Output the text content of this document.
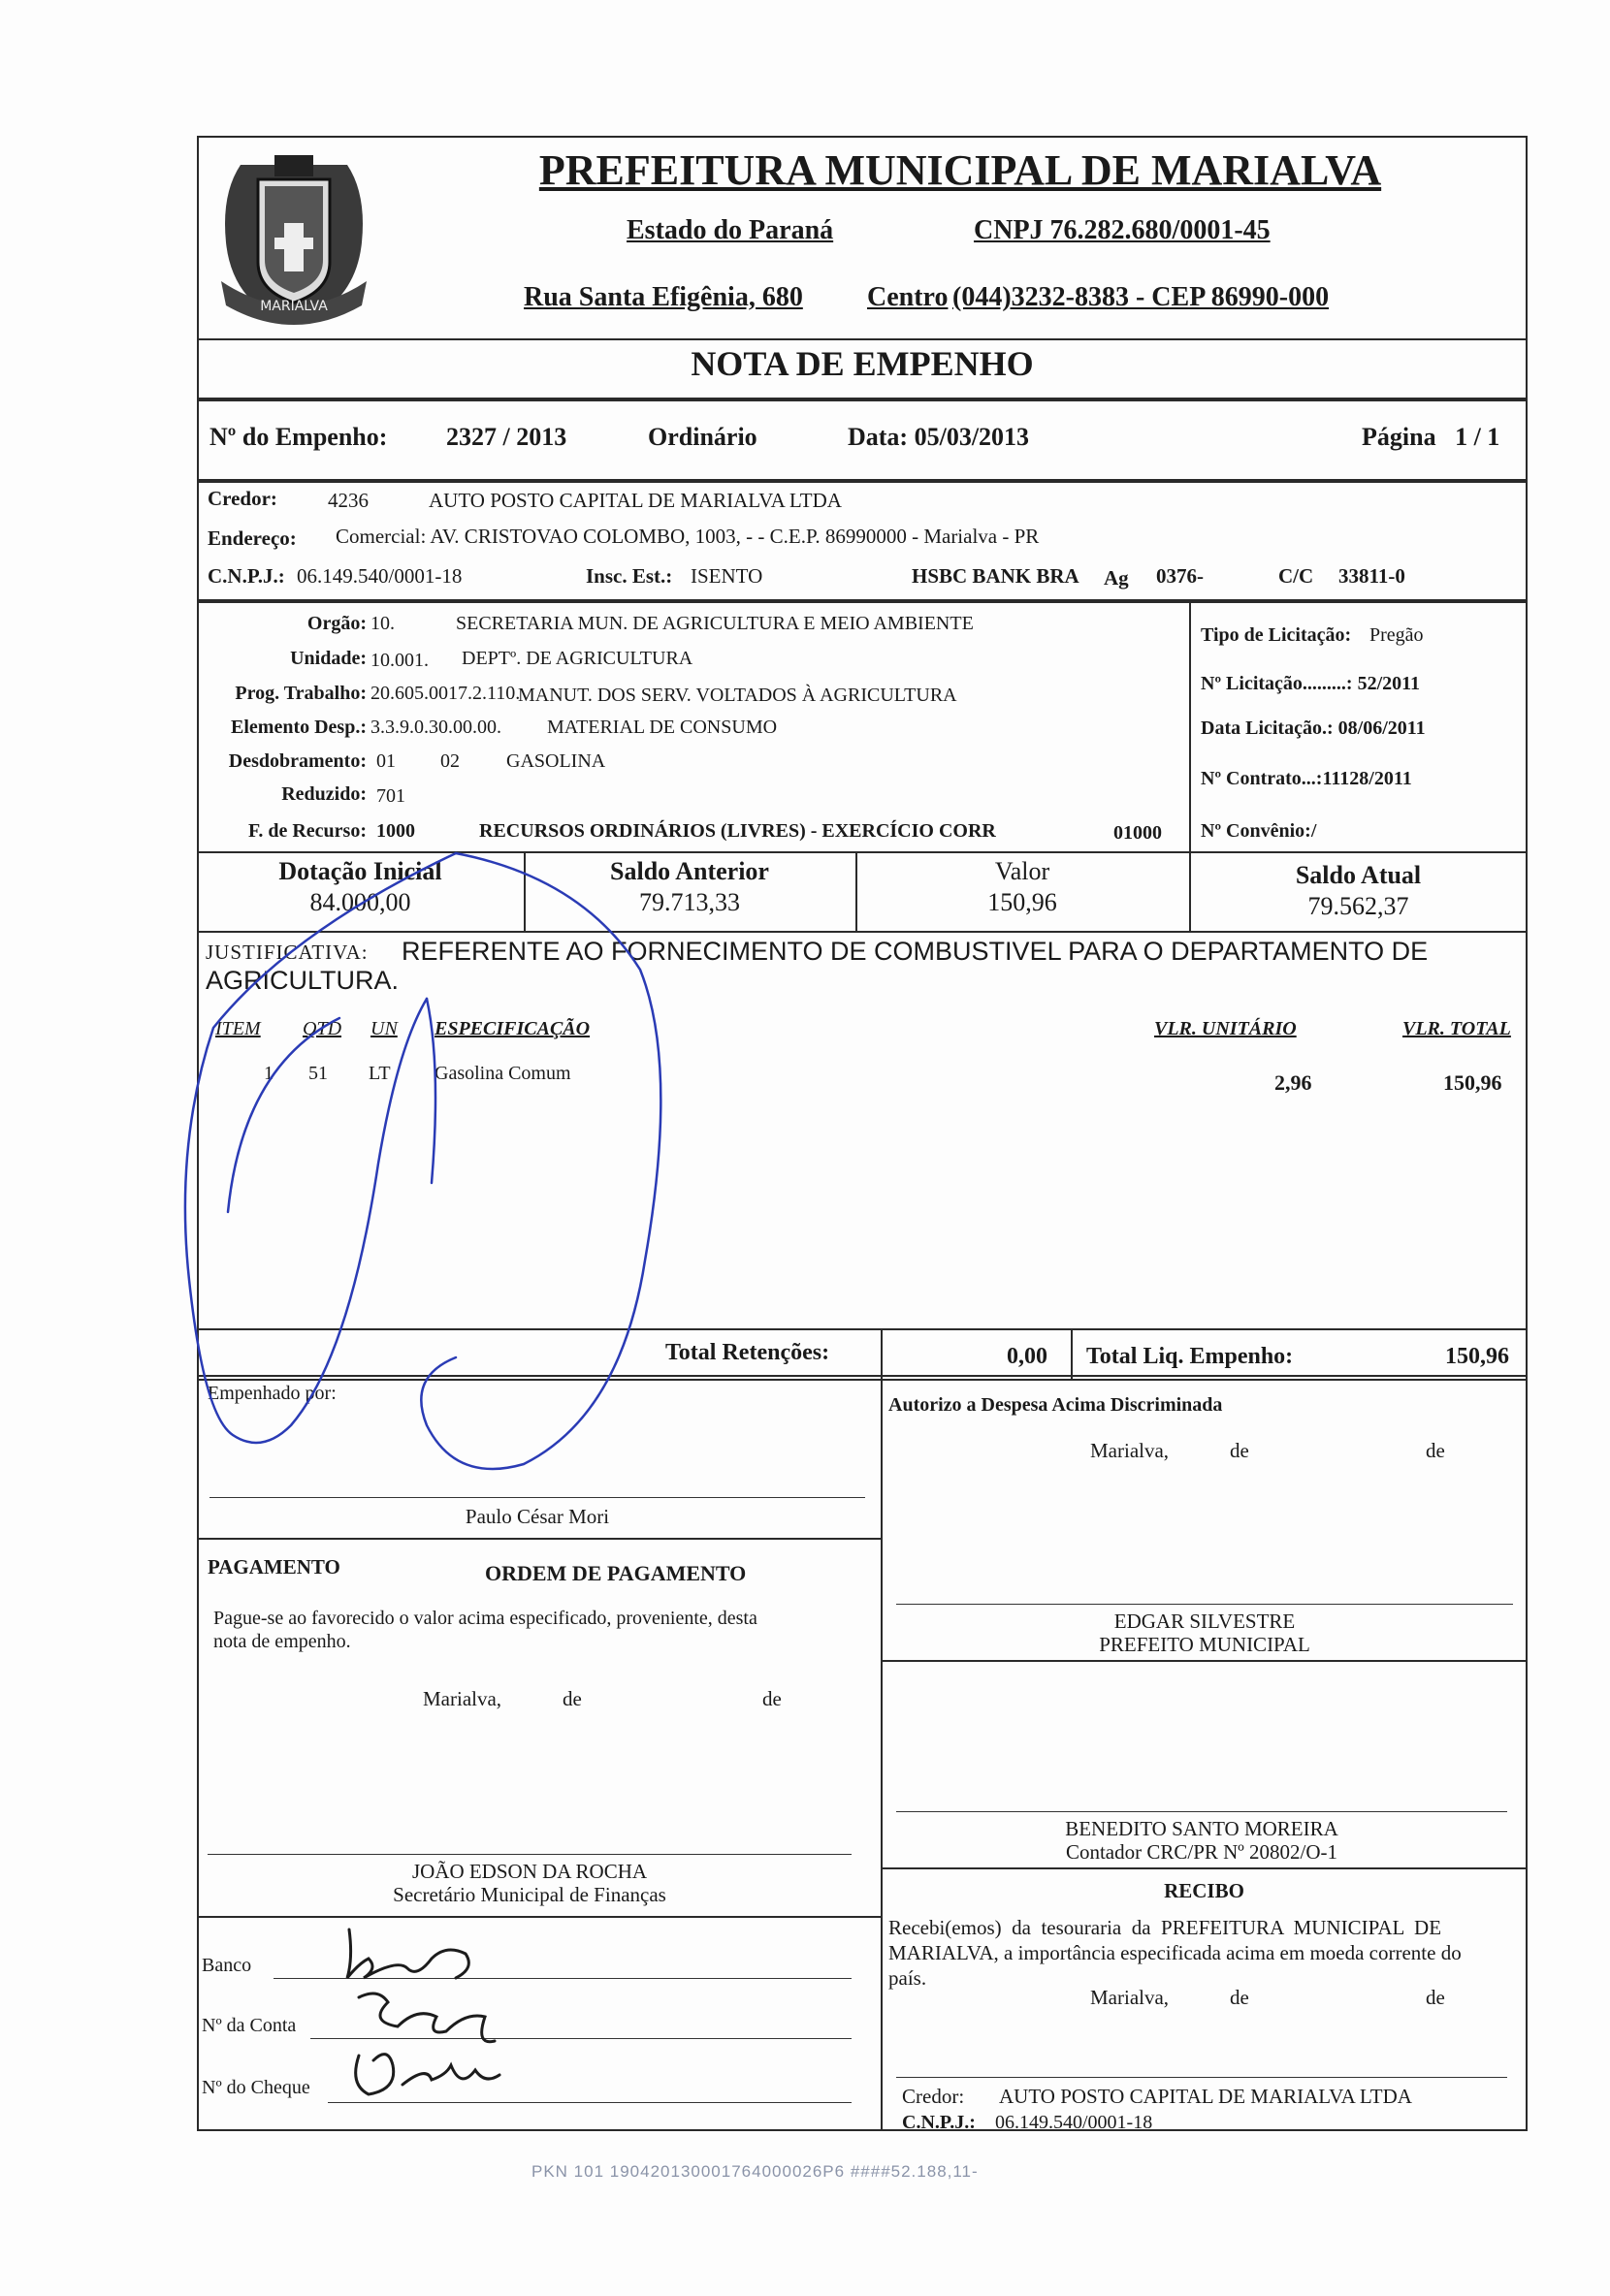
MARIALVA
PREFEITURA MUNICIPAL DE MARIALVA
Estado do Paraná	CNPJ 76.282.680/0001-45
Rua Santa Efigênia, 680 Centro (044)3232-8383 - CEP 86990-000
NOTA DE EMPENHO
Nº do Empenho: 2327 / 2013	Ordinário	Data: 05/03/2013	Página   1 / 1
Credor: 4236	AUTO POSTO CAPITAL DE MARIALVA LTDA
Endereço: Comercial: AV. CRISTOVAO COLOMBO, 1003, - - C.E.P. 86990000 - Marialva - PR
C.N.P.J.: 06.149.540/0001-18	Insc. Est.: ISENTO	HSBC BANK BRA Ag 0376-	C/C 33811-0
Orgão: 10.	SECRETARIA MUN. DE AGRICULTURA E MEIO AMBIENTE
Unidade: 10.001. DEPTº. DE AGRICULTURA
Prog. Trabalho: 20.605.0017.2.110.
MANUT. DOS SERV. VOLTADOS À AGRICULTURA
Elemento Desp.: 3.3.9.0.30.00.00. MATERIAL DE CONSUMO
Desdobramento: 01 02 GASOLINA
Reduzido: 701
F. de Recurso: 1000	RECURSOS ORDINÁRIOS (LIVRES) - EXERCÍCIO CORR	01000
Tipo de Licitação: Pregão
Nº Licitação.........: 52/2011
Data Licitação.: 08/06/2011
Nº Contrato...:11128/2011
Nº Convênio:/
Dotação Inicial
84.000,00
Saldo Anterior
79.713,33
Valor
150,96
Saldo Atual
79.562,37
JUSTIFICATIVA: REFERENTE AO FORNECIMENTO DE COMBUSTIVEL PARA O DEPARTAMENTO DE
AGRICULTURA.
ITEM QTD UN ESPECIFICAÇÃO	VLR. UNITÁRIO	VLR. TOTAL
1 51 LT Gasolina Comum	2,96	150,96
Total Retenções:	0,00 Total Liq. Empenho:	150,96
Empenhado por:
Paulo César Mori
Autorizo a Despesa Acima Discriminada
Marialva,	de	de
PAGAMENTO	ORDEM DE PAGAMENTO
Pague-se ao favorecido o valor acima especificado, proveniente, desta
nota de empenho.
Marialva,	de	de
EDGAR SILVESTRE
PREFEITO MUNICIPAL
BENEDITO SANTO MOREIRA
Contador CRC/PR Nº 20802/O-1
JOÃO EDSON DA ROCHA
Secretário Municipal de Finanças
Banco
Nº da Conta
Nº do Cheque
RECIBO
Recebi(emos)  da  tesouraria  da  PREFEITURA  MUNICIPAL  DE
MARIALVA, a importância especificada acima em moeda corrente do
país.
Marialva,	de	de
Credor: AUTO POSTO CAPITAL DE MARIALVA LTDA
C.N.P.J.: 06.149.540/0001-18
PKN 101 190420130001764000026P6 ####52.188,11-
